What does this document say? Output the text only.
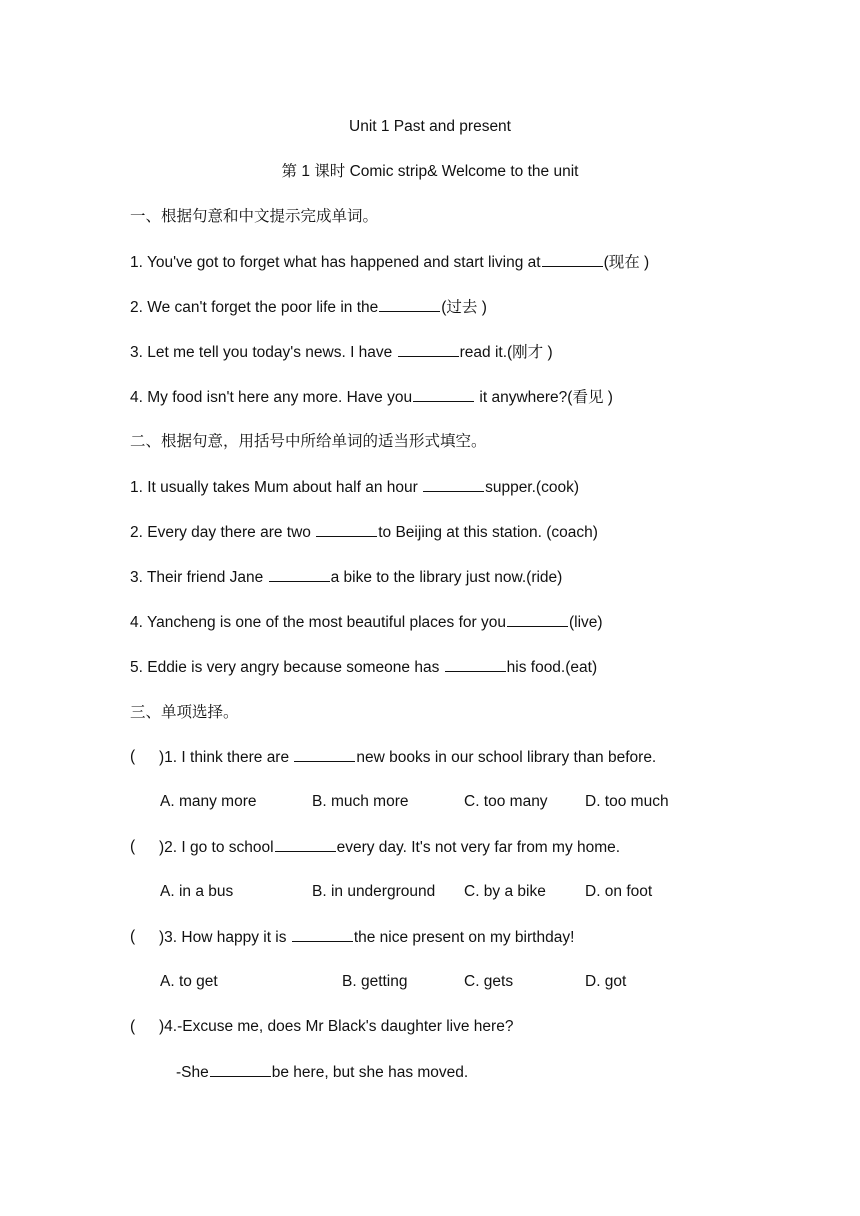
Unit 1 Past and present
第 1 课时 Comic strip& Welcome to the unit
一、根据句意和中文提示完成单词。
1. You've got to forget what has happened and start living at	(现在 )
2. We can't forget the poor life in the	(过去 )
3. Let me tell you today's news. I have	read it.(刚才 )
4. My food isn't here any more. Have you	it anywhere?(看见 )
二、根据句意，用括号中所给单词的适当形式填空。
1. It usually takes Mum about half an hour	supper.(cook)
2. Every day there are two	to Beijing at this station. (coach)
3. Their friend Jane	a bike to the library just now.(ride)
4. Yancheng is one of the most beautiful places for you	(live)
5. Eddie is very angry because someone has	his food.(eat)
三、单项选择。
( )1. I think there are	new books in our school library than before.
A. many more	B. much more	C. too many D. too much
( )2. I go to school	every day. It's not very far from my home.
A. in a bus	B. in underground C. by a bike	D. on foot
( )3. How happy it is	the nice present on my birthday!
A. to get	B. getting	C. gets	D. got
( )4.-Excuse me, does Mr Black's daughter live here?
-She	be here, but she has moved.
